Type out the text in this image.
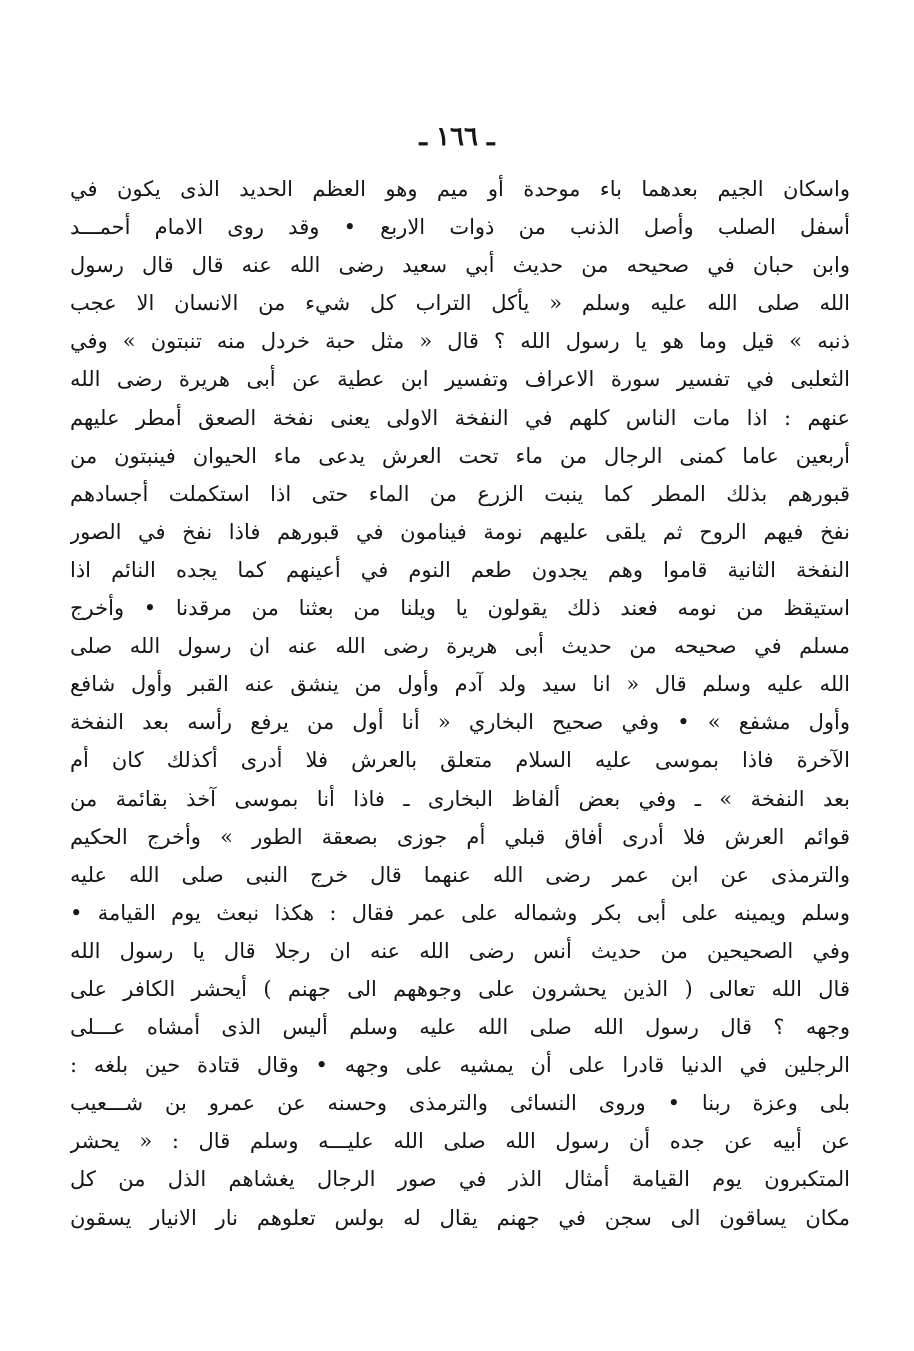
ـ ١٦٦ ـ
واسكان الجيم بعدهما باء موحدة أو ميم وهو العظم الحديد الذى يكون في
أسفل الصلب وأصل الذنب من ذوات الاربع • وقد روى الامام أحمـــد
وابن حبان في صحيحه من حديث أبي سعيد رضى الله عنه قال قال رسول
الله صلى الله عليه وسلم « يأكل التراب كل شيء من الانسان الا عجب
ذنبه » قيل وما هو يا رسول الله ؟ قال « مثل حبة خردل منه تنبتون » وفي
الثعلبى في تفسير سورة الاعراف وتفسير ابن عطية عن أبى هريرة رضى الله
عنهم : اذا مات الناس كلهم في النفخة الاولى يعنى نفخة الصعق أمطر عليهم
أربعين عاما كمنى الرجال من ماء تحت العرش يدعى ماء الحيوان فينبتون من
قبورهم بذلك المطر كما ينبت الزرع من الماء حتى اذا استكملت أجسادهم
نفخ فيهم الروح ثم يلقى عليهم نومة فينامون في قبورهم فاذا نفخ في الصور
النفخة الثانية قاموا وهم يجدون طعم النوم في أعينهم كما يجده النائم اذا
استيقظ من نومه فعند ذلك يقولون يا ويلنا من بعثنا من مرقدنا • وأخرج
مسلم في صحيحه من حديث أبى هريرة رضى الله عنه ان رسول الله صلى
الله عليه وسلم قال « انا سيد ولد آدم وأول من ينشق عنه القبر وأول شافع
وأول مشفع » • وفي صحيح البخاري « أنا أول من يرفع رأسه بعد النفخة
الآخرة فاذا بموسى عليه السلام متعلق بالعرش فلا أدرى أكذلك كان أم
بعد النفخة » ـ وفي بعض ألفاظ البخارى ـ فاذا أنا بموسى آخذ بقائمة من
قوائم العرش فلا أدرى أفاق قبلي أم جوزى بصعقة الطور » وأخرج الحكيم
والترمذى عن ابن عمر رضى الله عنهما قال خرج النبى صلى الله عليه
وسلم ويمينه على أبى بكر وشماله على عمر فقال : هكذا نبعث يوم القيامة •
وفي الصحيحين من حديث أنس رضى الله عنه ان رجلا قال يا رسول الله
قال الله تعالى ( الذين يحشرون على وجوههم الى جهنم ) أيحشر الكافر على
وجهه ؟ قال رسول الله صلى الله عليه وسلم أليس الذى أمشاه عـــلى
الرجلين في الدنيا قادرا على أن يمشيه على وجهه • وقال قتادة حين بلغه :
بلى وعزة ربنا • وروى النسائى والترمذى وحسنه عن عمرو بن شـــعيب
عن أبيه عن جده أن رسول الله صلى الله عليـــه وسلم قال : « يحشر
المتكبرون يوم القيامة أمثال الذر في صور الرجال يغشاهم الذل من كل
مكان يساقون الى سجن في جهنم يقال له بولس تعلوهم نار الانيار يسقون
